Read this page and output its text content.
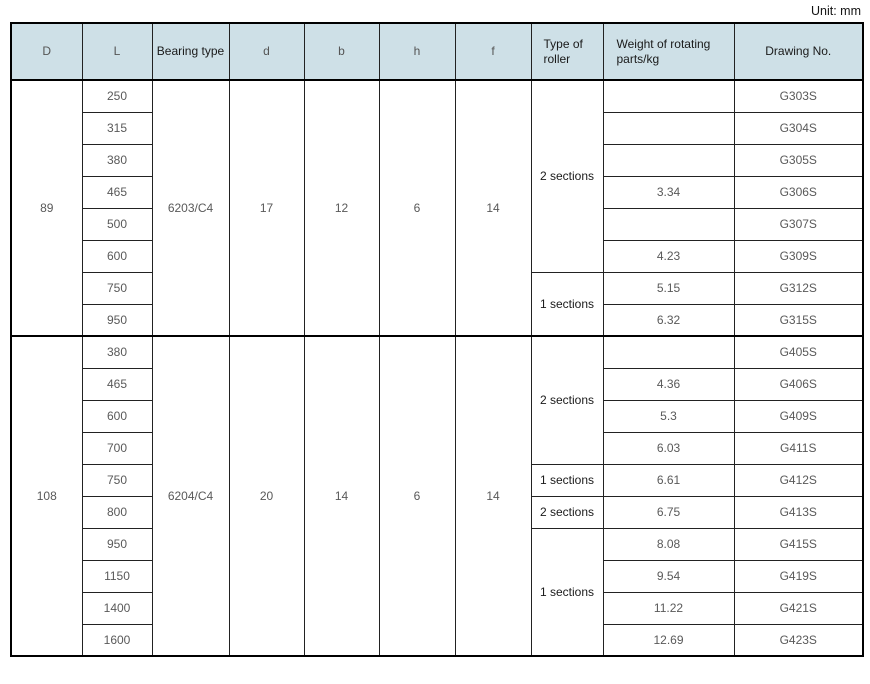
Unit: mm
D	L	Bearing type	d	b	h	f	Type of roller	Weight of rotating parts/kg	Drawing No.
89	250	6203/C4	17	12	6	14	2 sections		G303S
	315								G304S
	380								G305S
	465							3.34	G306S
	500								G307S
	600							4.23	G309S
	750						1 sections	5.15	G312S
	950							6.32	G315S
108	380	6204/C4	20	14	6	14	2 sections		G405S
	465							4.36	G406S
	600							5.3	G409S
	700							6.03	G411S
	750						1 sections	6.61	G412S
	800						2 sections	6.75	G413S
	950						1 sections	8.08	G415S
	1150							9.54	G419S
	1400							11.22	G421S
	1600							12.69	G423S
